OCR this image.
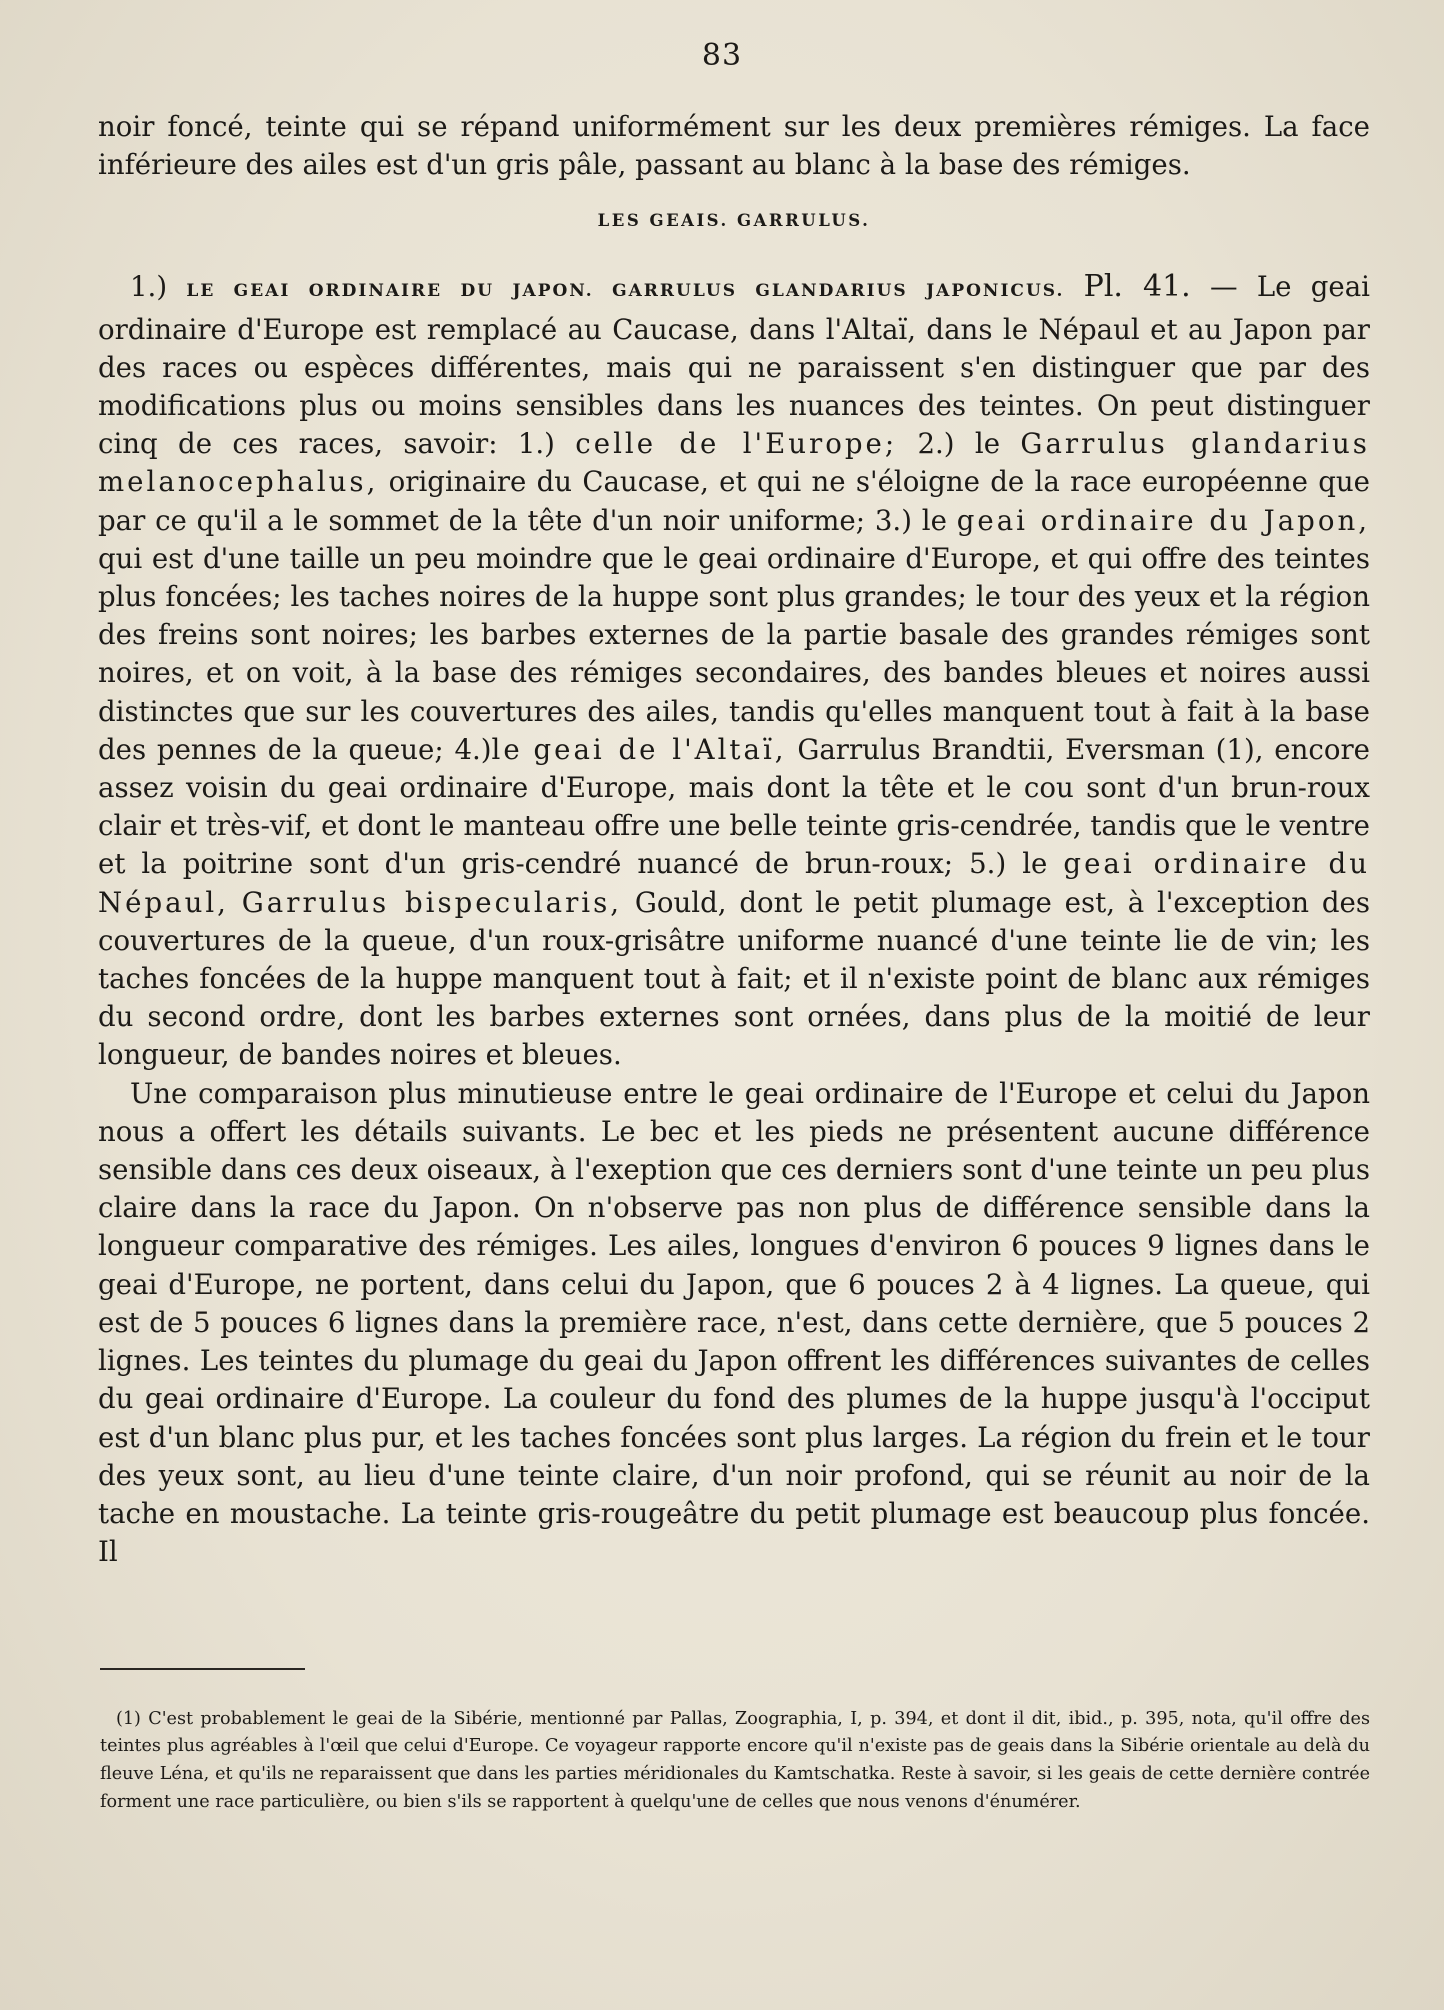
83

noir foncé, teinte qui se répand uniformément sur les deux premières rémiges. La face inférieure des ailes est d'un gris pâle, passant au blanc à la base des rémiges.

LES GEAIS. GARRULUS.

1.) LE GEAI ORDINAIRE DU JAPON. GARRULUS GLANDARIUS JAPONICUS. Pl. 41. — Le geai ordinaire d'Europe est remplacé au Caucase, dans l'Altaï, dans le Népaul et au Japon par des races ou espèces différentes, mais qui ne paraissent s'en distinguer que par des modifications plus ou moins sensibles dans les nuances des teintes. On peut distinguer cinq de ces races, savoir: 1.) celle de l'Europe; 2.) le Garrulus glandarius melanocephalus, originaire du Caucase, et qui ne s'éloigne de la race européenne que par ce qu'il a le sommet de la tête d'un noir uniforme; 3.) le geai ordinaire du Japon, qui est d'une taille un peu moindre que le geai ordinaire d'Europe, et qui offre des teintes plus foncées; les taches noires de la huppe sont plus grandes; le tour des yeux et la région des freins sont noires; les barbes externes de la partie basale des grandes rémiges sont noires, et on voit, à la base des rémiges secondaires, des bandes bleues et noires aussi distinctes que sur les couvertures des ailes, tandis qu'elles manquent tout à fait à la base des pennes de la queue; 4.)le geai de l'Altaï, Garrulus Brandtii, Eversman (1), encore assez voisin du geai ordinaire d'Europe, mais dont la tête et le cou sont d'un brun-roux clair et très-vif, et dont le manteau offre une belle teinte gris-cendrée, tandis que le ventre et la poitrine sont d'un gris-cendré nuancé de brun-roux; 5.) le geai ordinaire du Népaul, Garrulus bispecularis, Gould, dont le petit plumage est, à l'exception des couvertures de la queue, d'un roux-grisâtre uniforme nuancé d'une teinte lie de vin; les taches foncées de la huppe manquent tout à fait; et il n'existe point de blanc aux rémiges du second ordre, dont les barbes externes sont ornées, dans plus de la moitié de leur longueur, de bandes noires et bleues.

Une comparaison plus minutieuse entre le geai ordinaire de l'Europe et celui du Japon nous a offert les détails suivants. Le bec et les pieds ne présentent aucune différence sensible dans ces deux oiseaux, à l'exeption que ces derniers sont d'une teinte un peu plus claire dans la race du Japon. On n'observe pas non plus de différence sensible dans la longueur comparative des rémiges. Les ailes, longues d'environ 6 pouces 9 lignes dans le geai d'Europe, ne portent, dans celui du Japon, que 6 pouces 2 à 4 lignes. La queue, qui est de 5 pouces 6 lignes dans la première race, n'est, dans cette dernière, que 5 pouces 2 lignes. Les teintes du plumage du geai du Japon offrent les différences suivantes de celles du geai ordinaire d'Europe. La couleur du fond des plumes de la huppe jusqu'à l'occiput est d'un blanc plus pur, et les taches foncées sont plus larges. La région du frein et le tour des yeux sont, au lieu d'une teinte claire, d'un noir profond, qui se réunit au noir de la tache en moustache. La teinte gris-rougeâtre du petit plumage est beaucoup plus foncée. Il

(1) C'est probablement le geai de la Sibérie, mentionné par Pallas, Zoographia, I, p. 394, et dont il dit, ibid., p. 395, nota, qu'il offre des teintes plus agréables à l'œil que celui d'Europe. Ce voyageur rapporte encore qu'il n'existe pas de geais dans la Sibérie orientale au delà du fleuve Léna, et qu'ils ne reparaissent que dans les parties méridionales du Kamtschatka. Reste à savoir, si les geais de cette dernière contrée forment une race particulière, ou bien s'ils se rapportent à quelqu'une de celles que nous venons d'énumérer.
